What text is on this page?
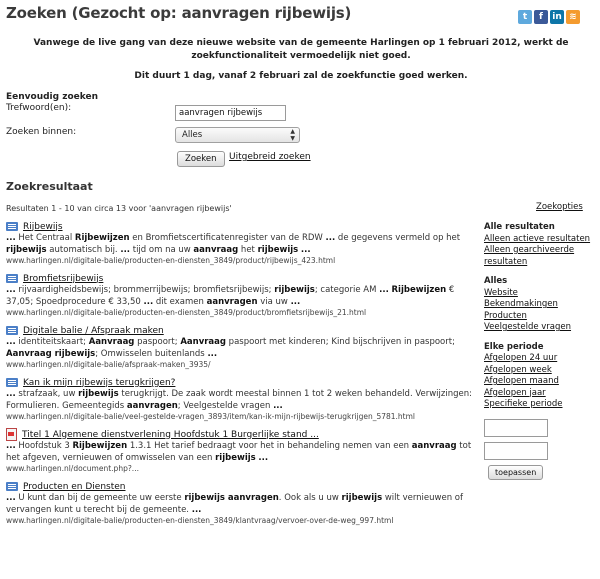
Zoeken (Gezocht op: aanvragen rijbewijs)	t	f	in ≋

Vanwege de live gang van deze nieuwe website van de gemeente Harlingen op 1 februari 2012, werkt de zoekfunctionaliteit vermoedelijk niet goed.

Dit duurt 1 dag, vanaf 2 februari zal de zoekfunctie goed werken.

Eenvoudig zoeken
Trefwoord(en):
aanvragen rijbewijs
Zoeken binnen:	Alles	▲
▼
Zoeken	Uitgebreid zoeken
Zoekresultaat
Resultaten 1 - 10 van circa 13 voor 'aanvragen rijbewijs'	Zoekopties
Rijbewijs
... Het Centraal Rijbewijzen en Bromfietscertificatenregister van de RDW ... de gegevens vermeld op het rijbewijs automatisch bij. ... tijd om na uw aanvraag het rijbewijs ...
www.harlingen.nl/digitale-balie/producten-en-diensten_3849/product/rijbewijs_423.html
Bromfietsrijbewijs
... rijvaardigheidsbewijs; brommerrijbewijs; bromfietsrijbewijs; rijbewijs; categorie AM ... Rijbewijzen € 37,05; Spoedprocedure € 33,50 ... dit examen aanvragen via uw ...
www.harlingen.nl/digitale-balie/producten-en-diensten_3849/product/bromfietsrijbewijs_21.html
Digitale balie / Afspraak maken
... identiteitskaart; Aanvraag paspoort; Aanvraag paspoort met kinderen; Kind bijschrijven in paspoort; Aanvraag rijbewijs; Omwisselen buitenlands ...
www.harlingen.nl/digitale-balie/afspraak-maken_3935/
Kan ik mijn rijbewijs terugkrijgen?
... strafzaak, uw rijbewijs terugkrijgt. De zaak wordt meestal binnen 1 tot 2 weken behandeld. Verwijzingen: Formulieren. Gemeentegids aanvragen; Veelgestelde vragen ...
www.harlingen.nl/digitale-balie/veel-gestelde-vragen_3893/item/kan-ik-mijn-rijbewijs-terugkrijgen_5781.html
Titel 1 Algemene dienstverlening Hoofdstuk 1 Burgerlijke stand ...
... Hoofdstuk 3 Rijbewijzen 1.3.1 Het tarief bedraagt voor het in behandeling nemen van een aanvraag tot het afgeven, vernieuwen of omwisselen van een rijbewijs ...
www.harlingen.nl/document.php?...
Producten en Diensten
... U kunt dan bij de gemeente uw eerste rijbewijs aanvragen. Ook als u uw rijbewijs wilt vernieuwen of vervangen kunt u terecht bij de gemeente. ...
www.harlingen.nl/digitale-balie/producten-en-diensten_3849/klantvraag/vervoer-over-de-weg_997.html
Alle resultaten
Alleen actieve resultaten
Alleen gearchiveerde resultaten
Alles
Website
Bekendmakingen
Producten
Veelgestelde vragen
Elke periode
Afgelopen 24 uur
Afgelopen week
Afgelopen maand
Afgelopen jaar
Specifieke periode
toepassen
